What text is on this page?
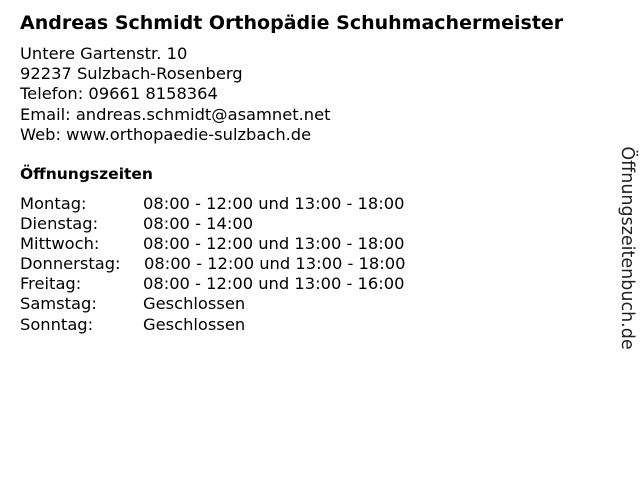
Andreas Schmidt Orthopädie Schuhmachermeister
Untere Gartenstr. 10
92237 Sulzbach-Rosenberg
Telefon: 09661 8158364
Email: andreas.schmidt@asamnet.net
Web: www.orthopaedie-sulzbach.de
Öffnungszeiten
Montag:	08:00 - 12:00 und 13:00 - 18:00
Dienstag:	08:00 - 14:00
Mittwoch:	08:00 - 12:00 und 13:00 - 18:00
Donnerstag:	08:00 - 12:00 und 13:00 - 18:00
Freitag:	08:00 - 12:00 und 13:00 - 16:00
Samstag:	Geschlossen
Sonntag:	Geschlossen	Öffnungszeitenbuch.de
